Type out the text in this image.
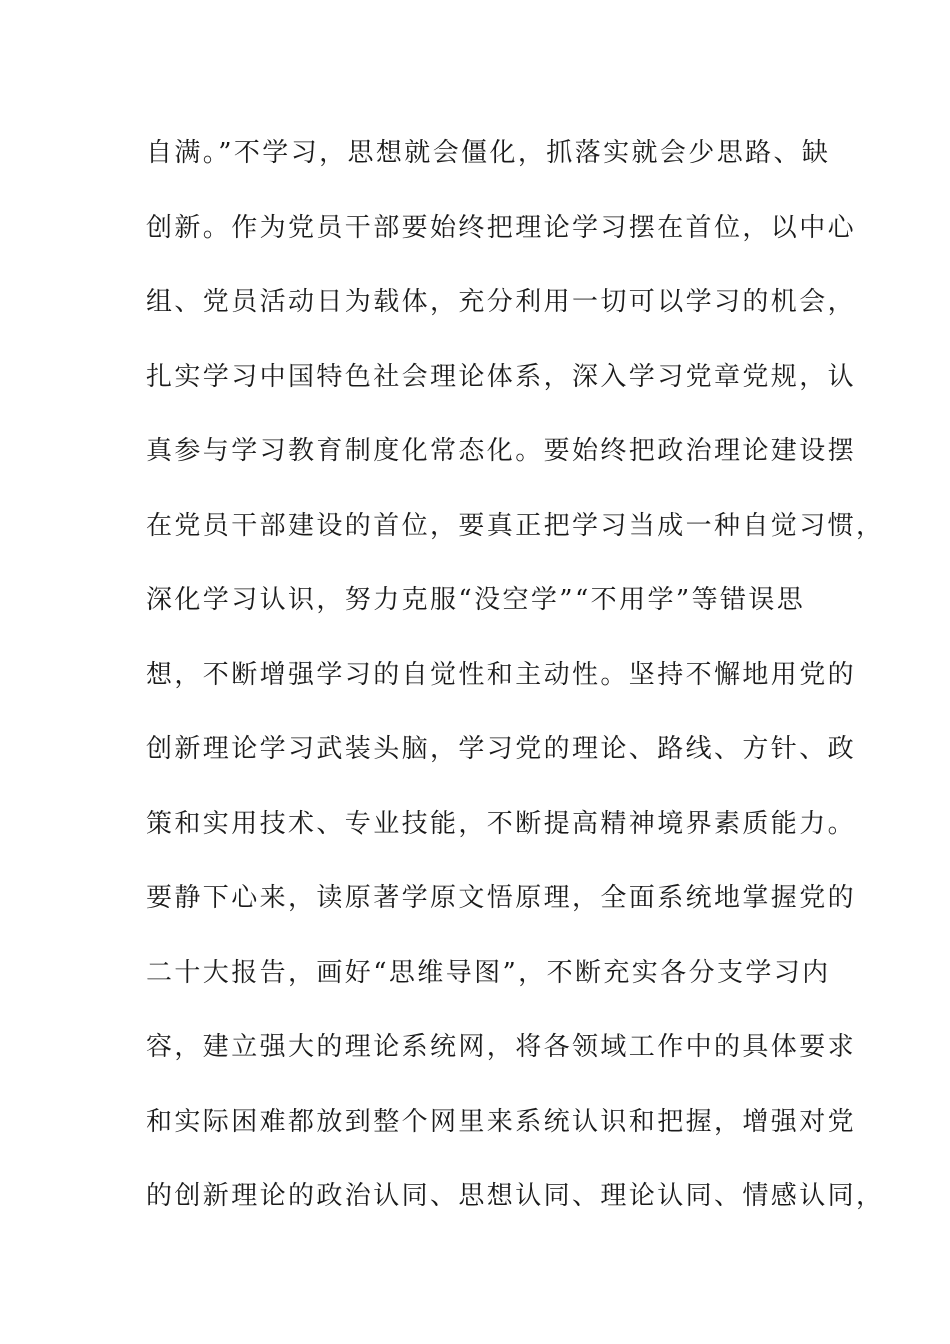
自满。”不学习，思想就会僵化，抓落实就会少思路、缺
创新。作为党员干部要始终把理论学习摆在首位，以中心
组、党员活动日为载体，充分利用一切可以学习的机会，
扎实学习中国特色社会理论体系，深入学习党章党规，认
真参与学习教育制度化常态化。要始终把政治理论建设摆
在党员干部建设的首位，要真正把学习当成一种自觉习惯，
深化学习认识，努力克服“没空学”“不用学”等错误思
想，不断增强学习的自觉性和主动性。坚持不懈地用党的
创新理论学习武装头脑，学习党的理论、路线、方针、政
策和实用技术、专业技能，不断提高精神境界素质能力。
要静下心来，读原著学原文悟原理，全面系统地掌握党的
二十大报告，画好“思维导图”，不断充实各分支学习内
容，建立强大的理论系统网，将各领域工作中的具体要求
和实际困难都放到整个网里来系统认识和把握，增强对党
的创新理论的政治认同、思想认同、理论认同、情感认同，
